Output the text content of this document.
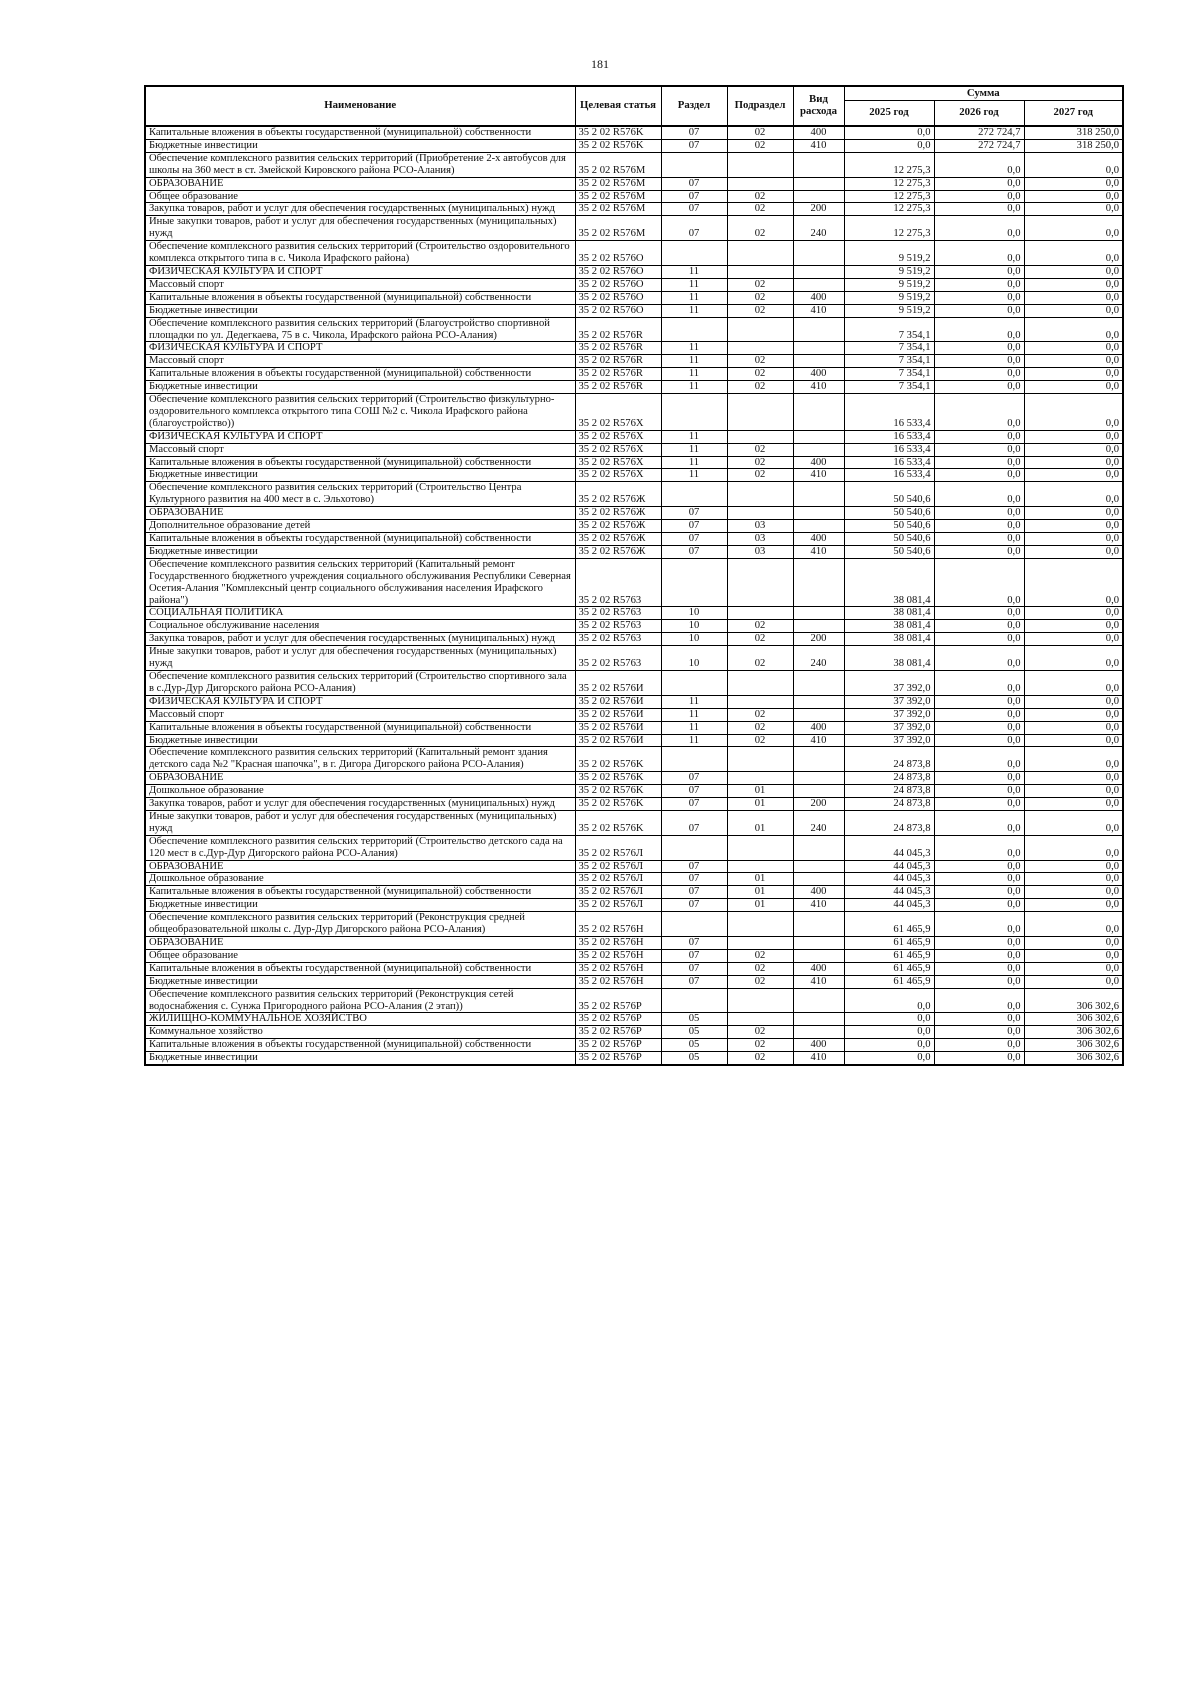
181
Наименование	Целевая статья	Раздел	Подраздел	Вид расхода	Сумма		
					2025 год	2026 год	2027 год
Капитальные вложения в объекты государственной (муниципальной) собственности	35 2 02 R576K	07	02	400	0,0	272 724,7	318 250,0
Бюджетные инвестиции	35 2 02 R576K	07	02	410	0,0	272 724,7	318 250,0
Обеспечение комплексного развития сельских территорий (Приобретение 2-х автобусов для школы на 360 мест в ст. Змейской Кировского района РСО-Алания)	35 2 02 R576M				12 275,3	0,0	0,0
ОБРАЗОВАНИЕ	35 2 02 R576M	07			12 275,3	0,0	0,0
Общее образование	35 2 02 R576M	07	02		12 275,3	0,0	0,0
Закупка товаров, работ и услуг для обеспечения государственных (муниципальных) нужд	35 2 02 R576M	07	02	200	12 275,3	0,0	0,0
Иные закупки товаров, работ и услуг для обеспечения государственных (муниципальных) нужд	35 2 02 R576M	07	02	240	12 275,3	0,0	0,0
Обеспечение комплексного развития сельских территорий (Строительство оздоровительного комплекса открытого типа в с. Чикола Ирафского района)	35 2 02 R576O				9 519,2	0,0	0,0
ФИЗИЧЕСКАЯ КУЛЬТУРА И СПОРТ	35 2 02 R576O	11			9 519,2	0,0	0,0
Массовый спорт	35 2 02 R576O	11	02		9 519,2	0,0	0,0
Капитальные вложения в объекты государственной (муниципальной) собственности	35 2 02 R576O	11	02	400	9 519,2	0,0	0,0
Бюджетные инвестиции	35 2 02 R576O	11	02	410	9 519,2	0,0	0,0
Обеспечение комплексного развития сельских территорий (Благоустройство спортивной площадки по ул. Дедегкаева, 75 в с. Чикола, Ирафского района РСО-Алания)	35 2 02 R576R				7 354,1	0,0	0,0
ФИЗИЧЕСКАЯ КУЛЬТУРА И СПОРТ	35 2 02 R576R	11			7 354,1	0,0	0,0
Массовый спорт	35 2 02 R576R	11	02		7 354,1	0,0	0,0
Капитальные вложения в объекты государственной (муниципальной) собственности	35 2 02 R576R	11	02	400	7 354,1	0,0	0,0
Бюджетные инвестиции	35 2 02 R576R	11	02	410	7 354,1	0,0	0,0
Обеспечение комплексного развития сельских территорий (Строительство физкультурно-оздоровительного комплекса открытого типа СОШ №2 с. Чикола Ирафского района (благоустройство))	35 2 02 R576X				16 533,4	0,0	0,0
ФИЗИЧЕСКАЯ КУЛЬТУРА И СПОРТ	35 2 02 R576X	11			16 533,4	0,0	0,0
Массовый спорт	35 2 02 R576X	11	02		16 533,4	0,0	0,0
Капитальные вложения в объекты государственной (муниципальной) собственности	35 2 02 R576X	11	02	400	16 533,4	0,0	0,0
Бюджетные инвестиции	35 2 02 R576X	11	02	410	16 533,4	0,0	0,0
Обеспечение комплексного развития сельских территорий (Строительство Центра Культурного развития на 400 мест в с. Эльхотово)	35 2 02 R576Ж				50 540,6	0,0	0,0
ОБРАЗОВАНИЕ	35 2 02 R576Ж	07			50 540,6	0,0	0,0
Дополнительное образование детей	35 2 02 R576Ж	07	03		50 540,6	0,0	0,0
Капитальные вложения в объекты государственной (муниципальной) собственности	35 2 02 R576Ж	07	03	400	50 540,6	0,0	0,0
Бюджетные инвестиции	35 2 02 R576Ж	07	03	410	50 540,6	0,0	0,0
Обеспечение комплексного развития сельских территорий (Капитальный ремонт Государственного бюджетного учреждения социального обслуживания Республики Северная Осетия-Алания "Комплексный центр социального обслуживания населения Ирафского района")	35 2 02 R5763				38 081,4	0,0	0,0
СОЦИАЛЬНАЯ ПОЛИТИКА	35 2 02 R5763	10			38 081,4	0,0	0,0
Социальное обслуживание населения	35 2 02 R5763	10	02		38 081,4	0,0	0,0
Закупка товаров, работ и услуг для обеспечения государственных (муниципальных) нужд	35 2 02 R5763	10	02	200	38 081,4	0,0	0,0
Иные закупки товаров, работ и услуг для обеспечения государственных (муниципальных) нужд	35 2 02 R5763	10	02	240	38 081,4	0,0	0,0
Обеспечение комплексного развития сельских территорий (Строительство спортивного зала в с.Дур-Дур Дигорского района РСО-Алания)	35 2 02 R576И				37 392,0	0,0	0,0
ФИЗИЧЕСКАЯ КУЛЬТУРА И СПОРТ	35 2 02 R576И	11			37 392,0	0,0	0,0
Массовый спорт	35 2 02 R576И	11	02		37 392,0	0,0	0,0
Капитальные вложения в объекты государственной (муниципальной) собственности	35 2 02 R576И	11	02	400	37 392,0	0,0	0,0
Бюджетные инвестиции	35 2 02 R576И	11	02	410	37 392,0	0,0	0,0
Обеспечение комплексного развития сельских территорий (Капитальный ремонт здания детского сада №2 "Красная шапочка", в г. Дигора Дигорского района РСО-Алания)	35 2 02 R576K				24 873,8	0,0	0,0
ОБРАЗОВАНИЕ	35 2 02 R576K	07			24 873,8	0,0	0,0
Дошкольное образование	35 2 02 R576K	07	01		24 873,8	0,0	0,0
Закупка товаров, работ и услуг для обеспечения государственных (муниципальных) нужд	35 2 02 R576K	07	01	200	24 873,8	0,0	0,0
Иные закупки товаров, работ и услуг для обеспечения государственных (муниципальных) нужд	35 2 02 R576K	07	01	240	24 873,8	0,0	0,0
Обеспечение комплексного развития сельских территорий (Строительство детского сада на 120 мест в с.Дур-Дур Дигорского района РСО-Алания)	35 2 02 R576Л				44 045,3	0,0	0,0
ОБРАЗОВАНИЕ	35 2 02 R576Л	07			44 045,3	0,0	0,0
Дошкольное образование	35 2 02 R576Л	07	01		44 045,3	0,0	0,0
Капитальные вложения в объекты государственной (муниципальной) собственности	35 2 02 R576Л	07	01	400	44 045,3	0,0	0,0
Бюджетные инвестиции	35 2 02 R576Л	07	01	410	44 045,3	0,0	0,0
Обеспечение комплексного развития сельских территорий (Реконструкция средней общеобразовательной школы с. Дур-Дур Дигорского района РСО-Алания)	35 2 02 R576H				61 465,9	0,0	0,0
ОБРАЗОВАНИЕ	35 2 02 R576H	07			61 465,9	0,0	0,0
Общее образование	35 2 02 R576H	07	02		61 465,9	0,0	0,0
Капитальные вложения в объекты государственной (муниципальной) собственности	35 2 02 R576H	07	02	400	61 465,9	0,0	0,0
Бюджетные инвестиции	35 2 02 R576H	07	02	410	61 465,9	0,0	0,0
Обеспечение комплексного развития сельских территорий (Реконструкция сетей водоснабжения с. Сунжа Пригородного района РСО-Алания (2 этап))	35 2 02 R576P				0,0	0,0	306 302,6
ЖИЛИЩНО-КОММУНАЛЬНОЕ ХОЗЯЙСТВО	35 2 02 R576P	05			0,0	0,0	306 302,6
Коммунальное хозяйство	35 2 02 R576P	05	02		0,0	0,0	306 302,6
Капитальные вложения в объекты государственной (муниципальной) собственности	35 2 02 R576P	05	02	400	0,0	0,0	306 302,6
Бюджетные инвестиции	35 2 02 R576P	05	02	410	0,0	0,0	306 302,6
